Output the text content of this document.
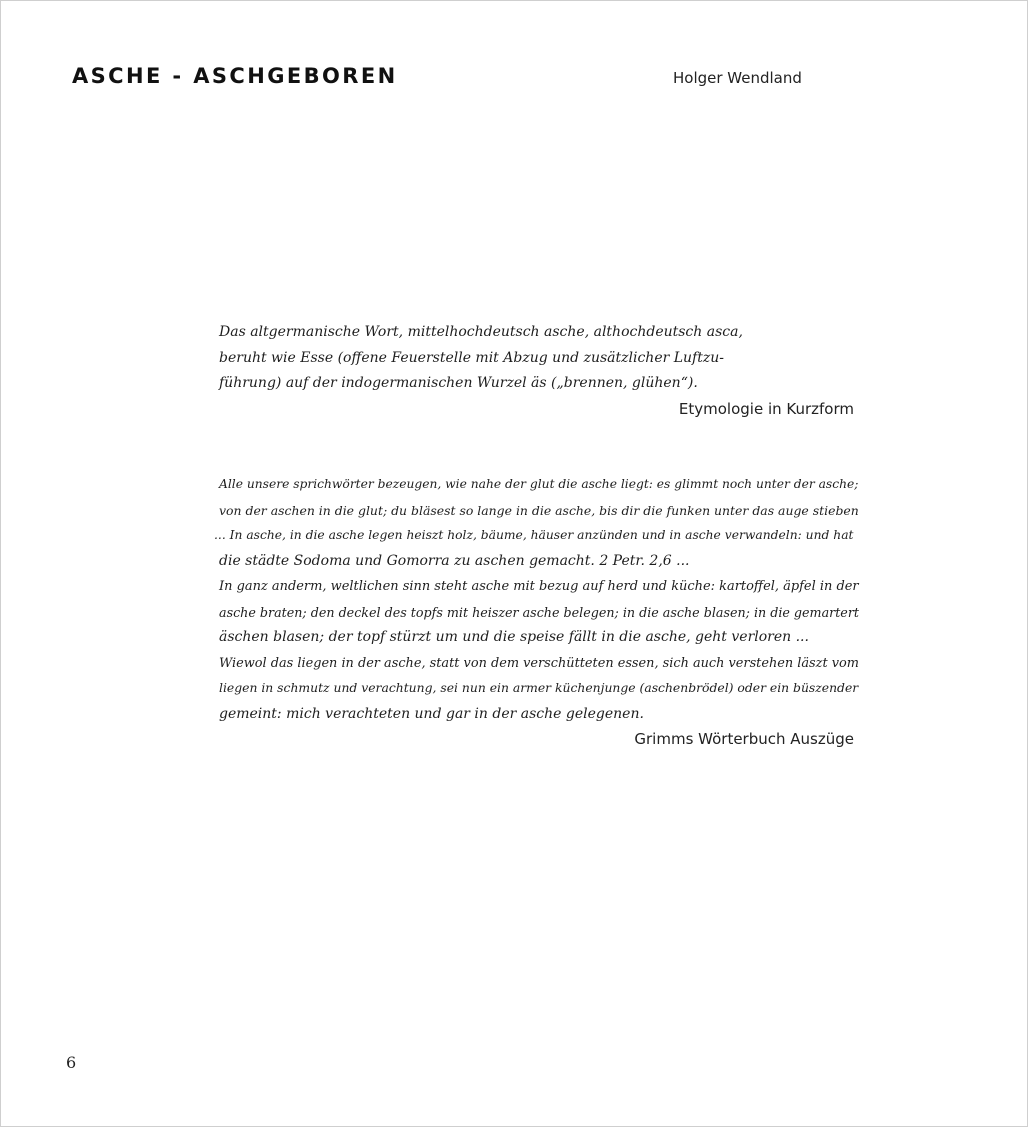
ASCHE - ASCHGEBOREN	Holger Wendland
Das altgermanische Wort, mittelhochdeutsch asche, althochdeutsch asca,
beruht wie Esse (offene Feuerstelle mit Abzug und zusätzlicher Luftzu-
führung) auf der indogermanischen Wurzel äs („brennen, glühen“).
Etymologie in Kurzform
Alle unsere sprichwörter bezeugen, wie nahe der glut die asche liegt: es glimmt noch unter der asche;
von der aschen in die glut; du bläsest so lange in die asche, bis dir die funken unter das auge stieben
... In asche, in die asche legen heiszt holz, bäume, häuser anzünden und in asche verwandeln: und hat
die städte Sodoma und Gomorra zu aschen gemacht. 2 Petr. 2,6 ...
In ganz anderm, weltlichen sinn steht asche mit bezug auf herd und küche: kartoffel, äpfel in der
asche braten; den deckel des topfs mit heiszer asche belegen; in die asche blasen; in die gemartert
äschen blasen; der topf stürzt um und die speise fällt in die asche, geht verloren ...
Wiewol das liegen in der asche, statt von dem verschütteten essen, sich auch verstehen läszt vom
liegen in schmutz und verachtung, sei nun ein armer küchenjunge (aschenbrödel) oder ein büszender
gemeint: mich verachteten und gar in der asche gelegenen.
Grimms Wörterbuch Auszüge
6
